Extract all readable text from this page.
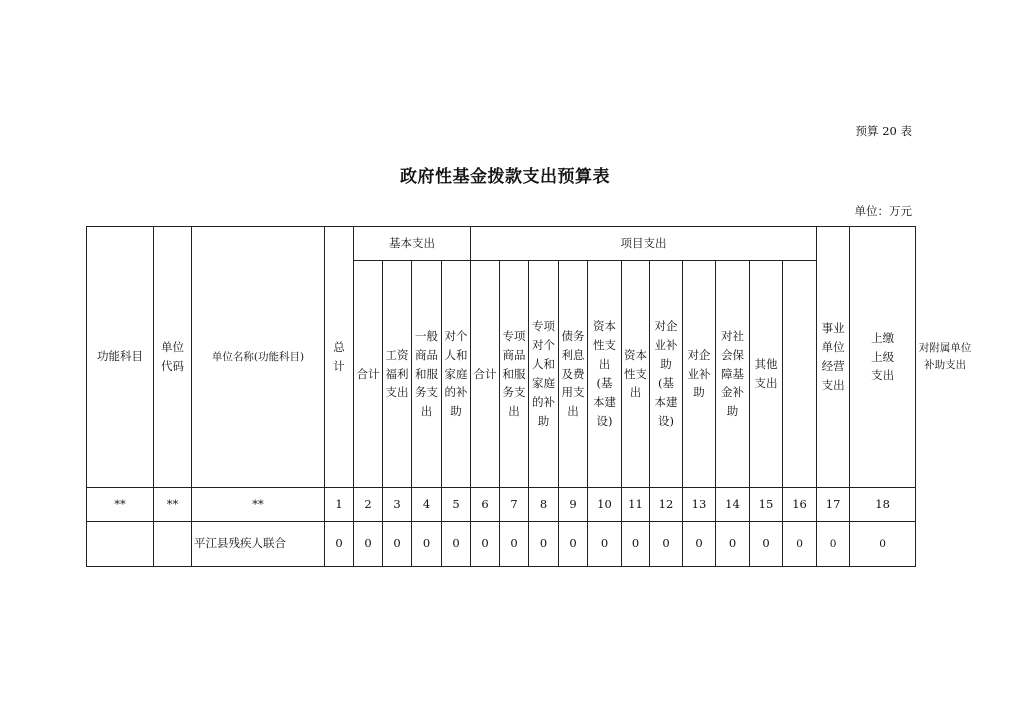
预算 20 表
政府性基金拨款支出预算表
单位：万元
功能科目	单位代码	单位名称(功能科目)	总计	基本支出				项目支出											事业单位经营支出	上缴上级支出	对附属单位补助支出
				合计	工资福利支出	一般商品和服务支出	对个人和家庭的补助	合计	专项商品和服务支出	专项对个人和家庭的补助	债务利息及费用支出	资本性支出(基本建设)	资本性支出	对企业补助(基本建设)	对企业补助	对社会保障基金补助	其他支出				
**	**	**	1	2	3	4	5	6	7	8	9	10	11	12	13	14	15	16	17	18	
		平江县残疾人联合	0	0	0	0	0	0	0	0	0	0	0	0	0	0	0	0	0	0	
